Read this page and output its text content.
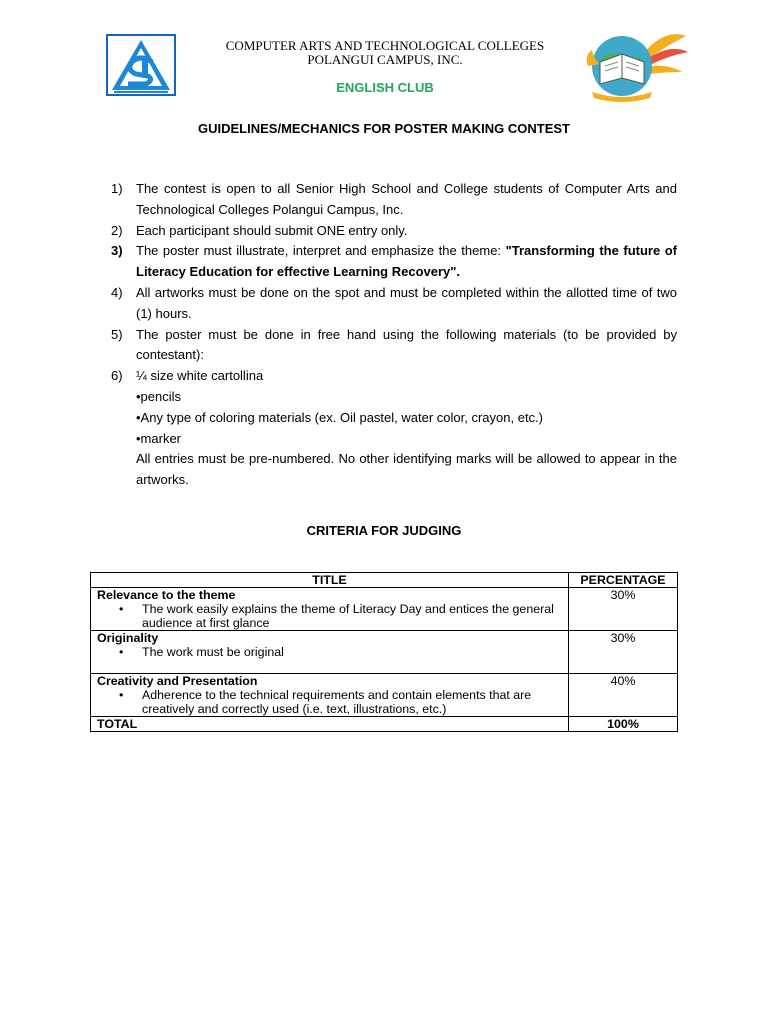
COMPUTER ARTS AND TECHNOLOGICAL COLLEGES
POLANGUI CAMPUS, INC.
ENGLISH CLUB
GUIDELINES/MECHANICS FOR POSTER MAKING CONTEST
1) The contest is open to all Senior High School and College students of Computer Arts and Technological Colleges Polangui Campus, Inc.
2) Each participant should submit ONE entry only.
3) The poster must illustrate, interpret and emphasize the theme: "Transforming the future of Literacy Education for effective Learning Recovery".
4) All artworks must be done on the spot and must be completed within the allotted time of two (1) hours.
5) The poster must be done in free hand using the following materials (to be provided by contestant):
6) ¼ size white cartollina
•pencils
•Any type of coloring materials (ex. Oil pastel, water color, crayon, etc.)
•marker
All entries must be pre-numbered. No other identifying marks will be allowed to appear in the artworks.
CRITERIA FOR JUDGING
TITLE	PERCENTAGE

Relevance to the theme
• The work easily explains the theme of Literacy Day and entices the general audience at first glance	30%

Originality
• The work must be original	30%

Creativity and Presentation
• Adherence to the technical requirements and contain elements that are creatively and correctly used (i.e. text, illustrations, etc.)	40%
TOTAL	100%
